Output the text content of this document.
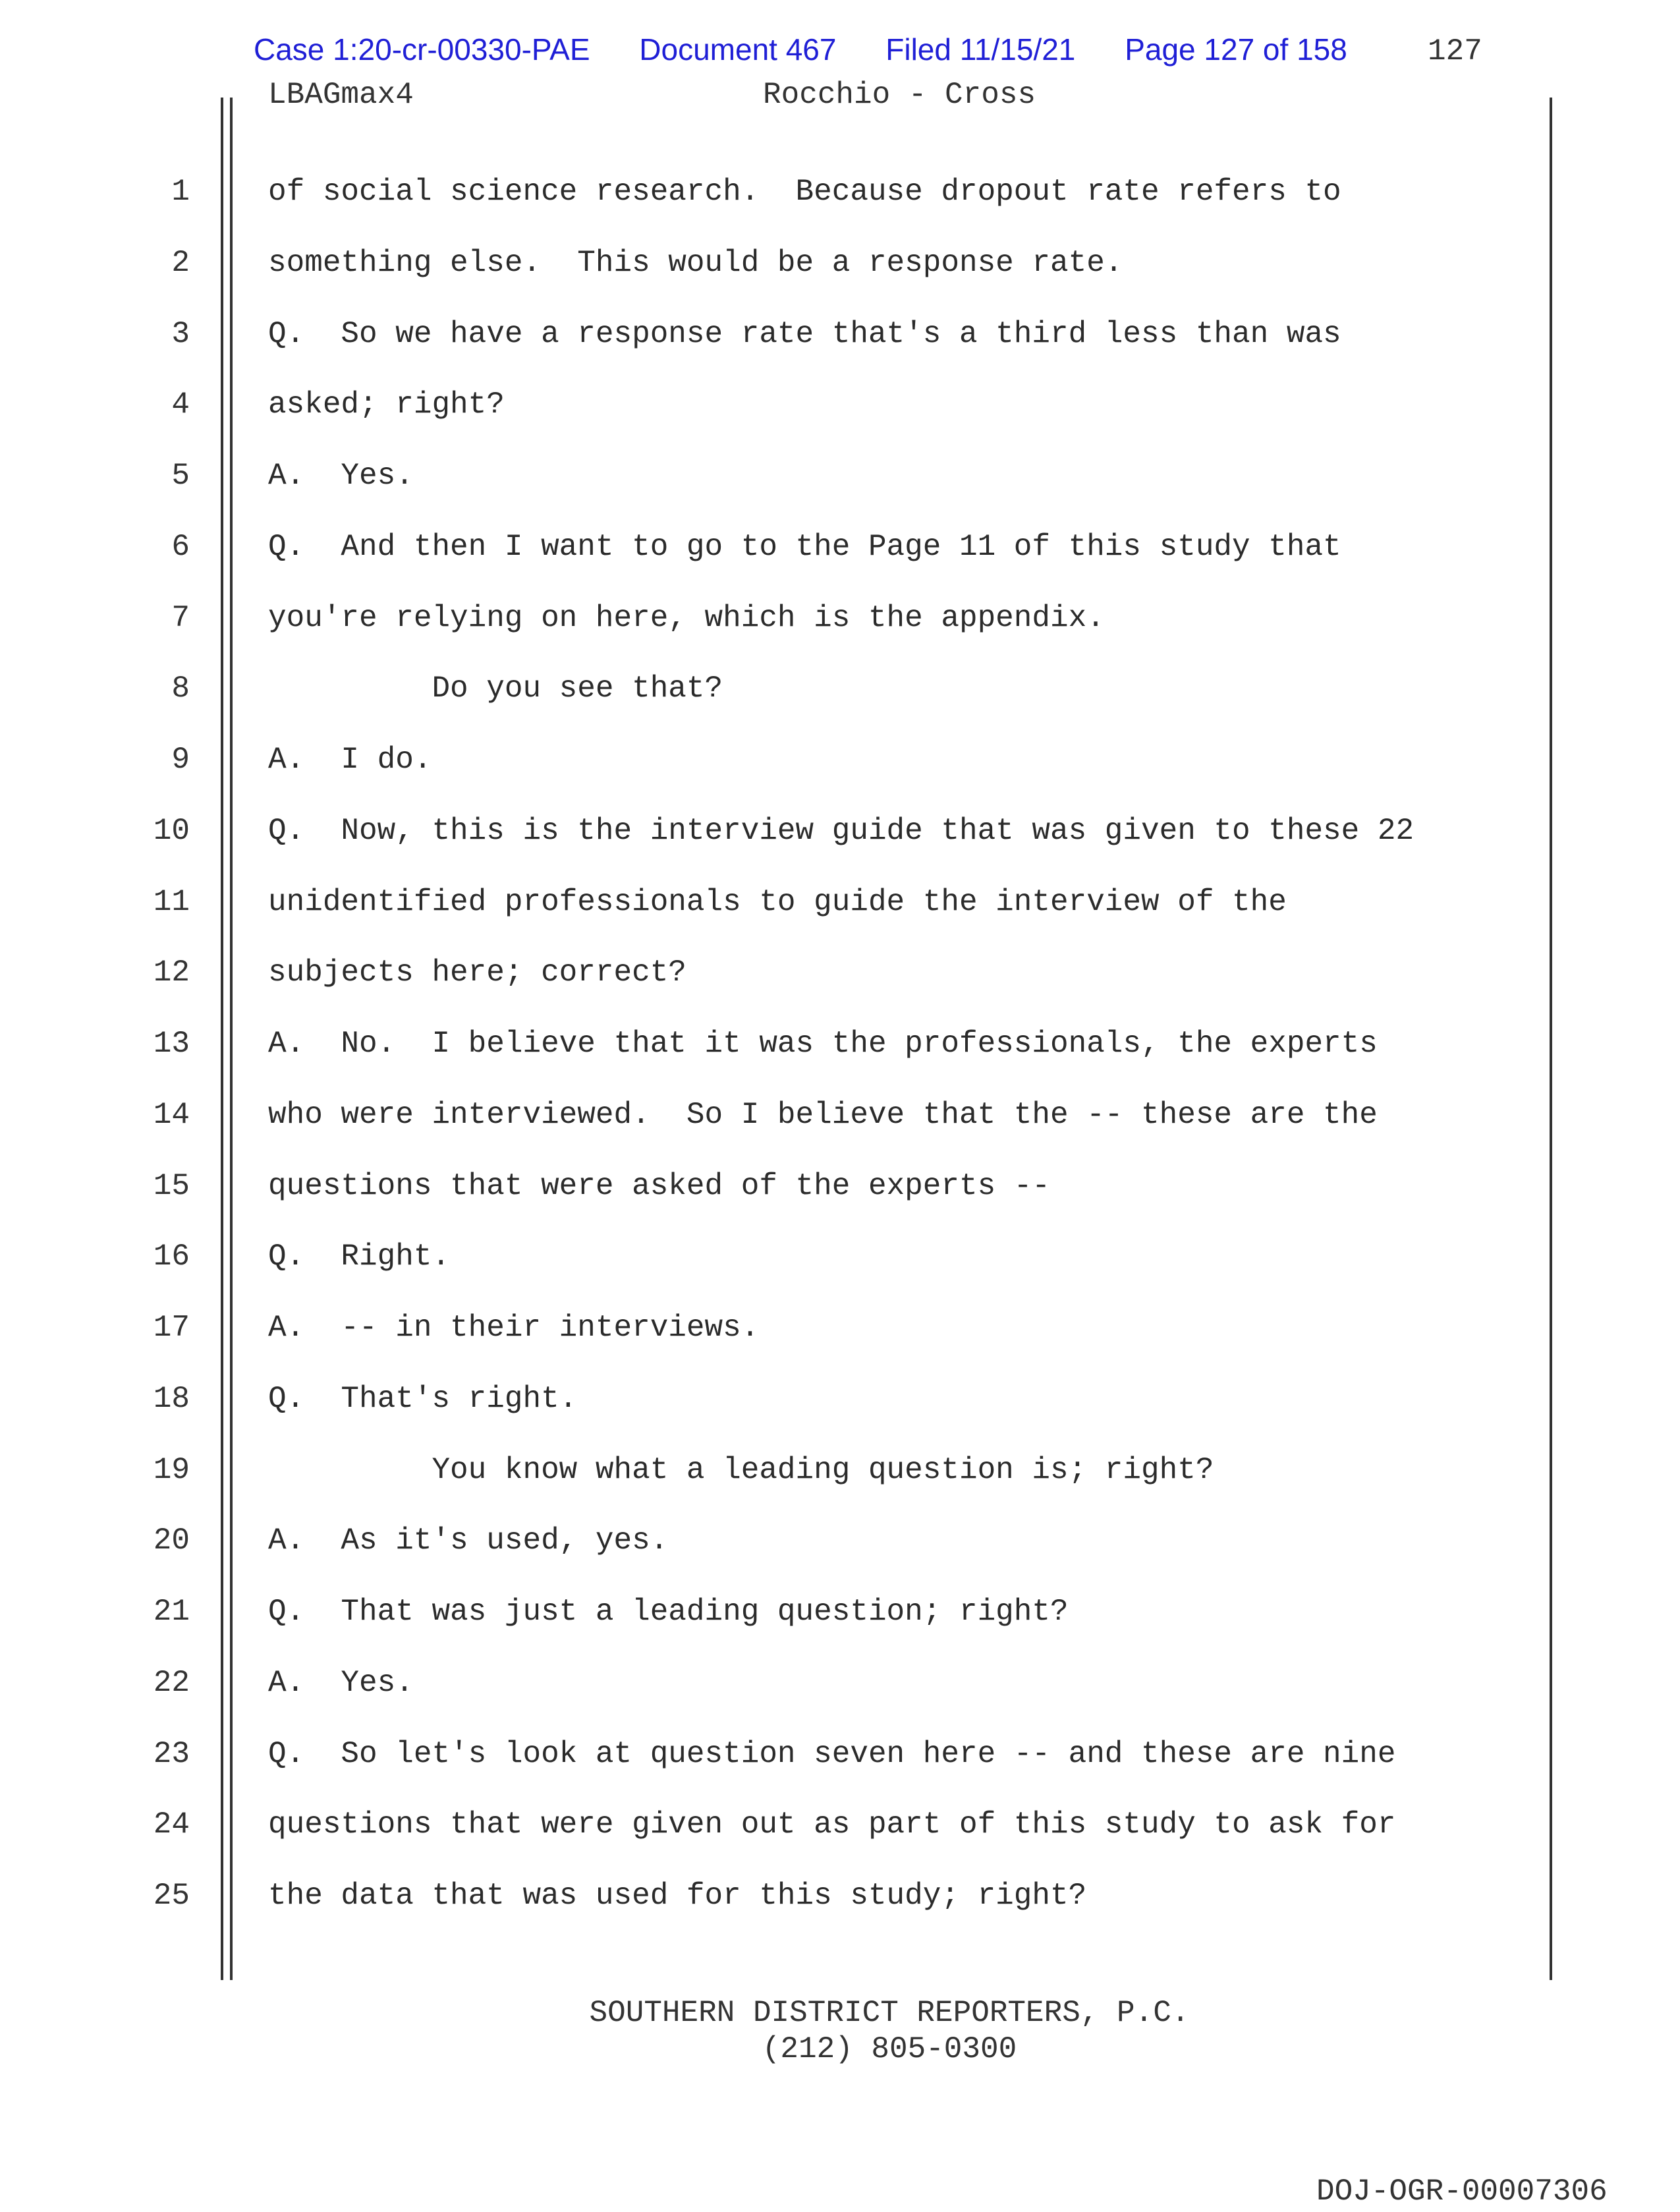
Case 1:20-cr-00330-PAE Document 467 Filed 11/15/21 Page 127 of 158	127
LBAGmax4	Rocchio - Cross
1	of social science research.  Because dropout rate refers to
2	something else.  This would be a response rate.
3	Q.  So we have a response rate that's a third less than was
4	asked; right?
5	A.  Yes.
6	Q.  And then I want to go to the Page 11 of this study that
7	you're relying on here, which is the appendix.
8	Do you see that?
9	A.  I do.
10	Q.  Now, this is the interview guide that was given to these 22
11	unidentified professionals to guide the interview of the
12	subjects here; correct?
13	A.  No.  I believe that it was the professionals, the experts
14	who were interviewed.  So I believe that the -- these are the
15	questions that were asked of the experts --
16	Q.  Right.
17	A.  -- in their interviews.
18	Q.  That's right.
19	You know what a leading question is; right?
20	A.  As it's used, yes.
21	Q.  That was just a leading question; right?
22	A.  Yes.
23	Q.  So let's look at question seven here -- and these are nine
24	questions that were given out as part of this study to ask for
25	the data that was used for this study; right?
SOUTHERN DISTRICT REPORTERS, P.C.
(212) 805-0300
DOJ-OGR-00007306
